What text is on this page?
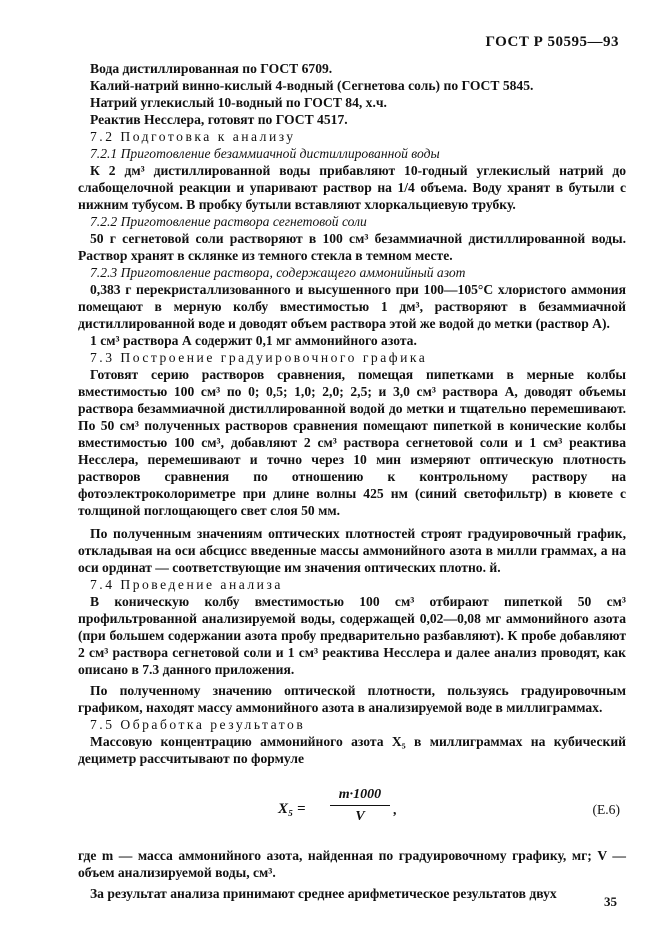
ГОСТ Р 50595—93

Вода дистиллированная по ГОСТ 6709.

Калий-натрий винно-кислый 4-водный (Сегнетова соль) по ГОСТ 5845.

Натрий углекислый 10-водный по ГОСТ 84, х.ч.

Реактив Несслера, готовят по ГОСТ 4517.

7.2 Подготовка к анализу

7.2.1 Приготовление безаммиачной дистиллированной воды

К 2 дм³ дистиллированной воды прибавляют 10-годный углекислый натрий до слабощелочной реакции и упаривают раствор на 1/4 объема. Воду хранят в бутыли с нижним тубусом. В пробку бутыли вставляют хлоркальциевую трубку.

7.2.2 Приготовление раствора сегнетовой соли

50 г сегнетовой соли растворяют в 100 см³ безаммиачной дистиллированной воды. Раствор хранят в склянке из темного стекла в темном месте.

7.2.3 Приготовление раствора, содержащего аммонийный азот

0,383 г перекристаллизованного и высушенного при 100—105°С хлористого аммония помещают в мерную колбу вместимостью 1 дм³, растворяют в безаммиачной дистиллированной воде и доводят объем раствора этой же водой до метки (раствор А).

1 см³ раствора А содержит 0,1 мг аммонийного азота.

7.3 Построение градуировочного графика

Готовят серию растворов сравнения, помещая пипетками в мерные колбы вместимостью 100 см³ по 0; 0,5; 1,0; 2,0; 2,5; и 3,0 см³ раствора А, доводят объемы раствора безаммиачной дистиллированной водой до метки и тщательно перемешивают. По 50 см³ полученных растворов сравнения помещают пипеткой в конические колбы вместимостью 100 см³, добавляют 2 см³ раствора сегнетовой соли и 1 см³ реактива Несслера, перемешивают и точно через 10 мин измеряют оптическую плотность растворов сравнения по отношению к контрольному раствору на фотоэлектроколориметре при длине волны 425 нм (синий светофильтр) в кювете с толщиной поглощающего свет слоя 50 мм.

По полученным значениям оптических плотностей строят градуировочный график, откладывая на оси абсцисс введенные массы аммонийного азота в милли граммах, а на оси ординат — соответствующие им значения оптических плотно. й.

7.4 Проведение анализа

В коническую колбу вместимостью 100 см³ отбирают пипеткой 50 см³ профильтрованной анализируемой воды, содержащей 0,02—0,08 мг аммонийного азота (при большем содержании азота пробу предварительно разбавляют). К пробе добавляют 2 см³ раствора сегнетовой соли и 1 см³ реактива Несслера и далее анализ проводят, как описано в 7.3 данного приложения.

По полученному значению оптической плотности, пользуясь градуировочным графиком, находят массу аммонийного азота в анализируемой воде в миллиграммах.

7.5 Обработка результатов

Массовую концентрацию аммонийного азота X₅ в миллиграммах на кубический дециметр рассчитывают по формуле

$X_5 = \frac{m\cdot 1000}{V}$ ,	(Е.6)

где m — масса аммонийного азота, найденная по градуировочному графику, мг; V — объем анализируемой воды, см³.

За результат анализа принимают среднее арифметическое результатов двух

35
